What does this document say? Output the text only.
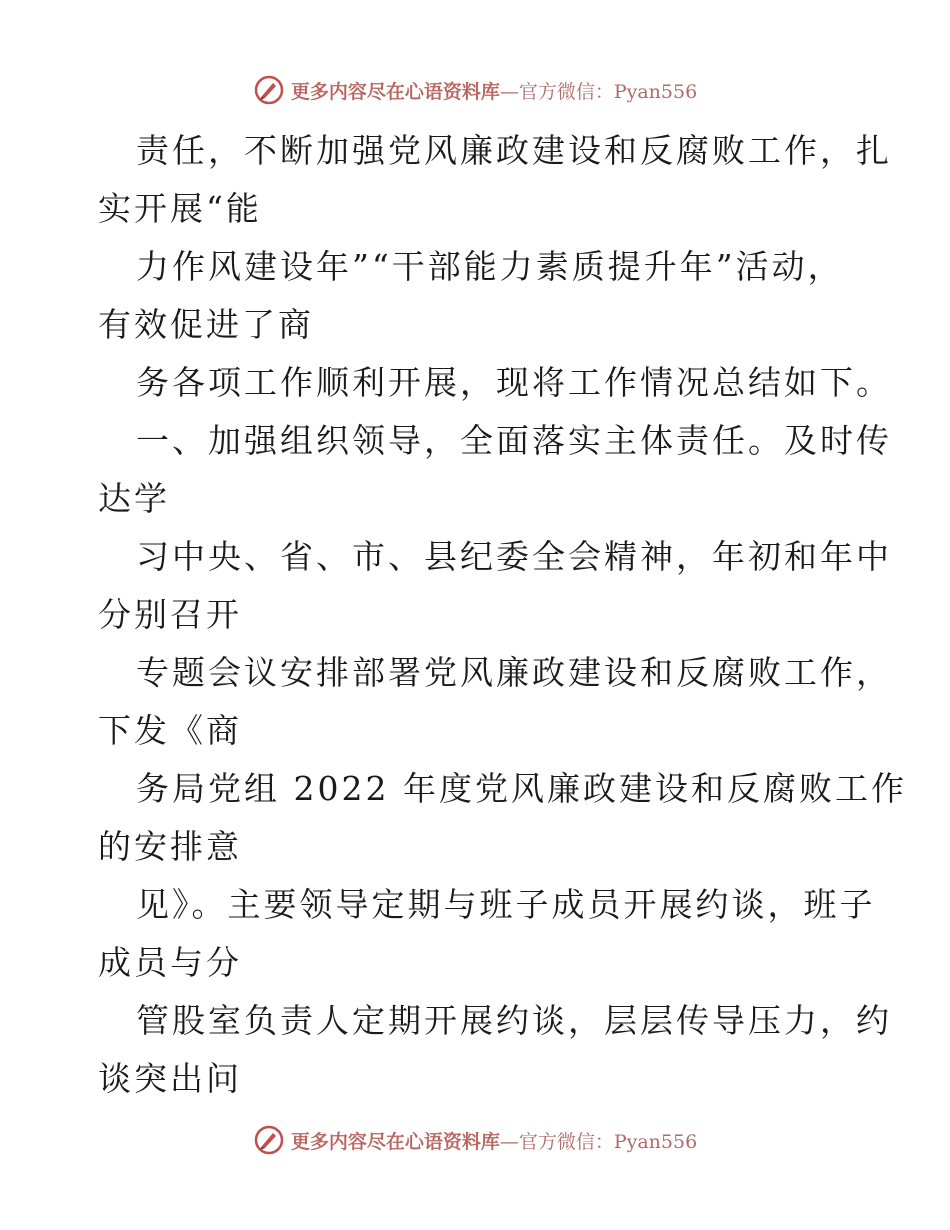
更多内容尽在心语资料库—官方微信：Pyan556
责任，不断加强党风廉政建设和反腐败工作，扎
实开展“能
力作风建设年”“干部能力素质提升年”活动，
有效促进了商
务各项工作顺利开展，现将工作情况总结如下。
一、加强组织领导，全面落实主体责任。及时传
达学
习中央、省、市、县纪委全会精神，年初和年中
分别召开
专题会议安排部署党风廉政建设和反腐败工作，
下发《商
务局党组 2022 年度党风廉政建设和反腐败工作
的安排意
见》。主要领导定期与班子成员开展约谈，班子
成员与分
管股室负责人定期开展约谈，层层传导压力，约
谈突出问
更多内容尽在心语资料库—官方微信：Pyan556
